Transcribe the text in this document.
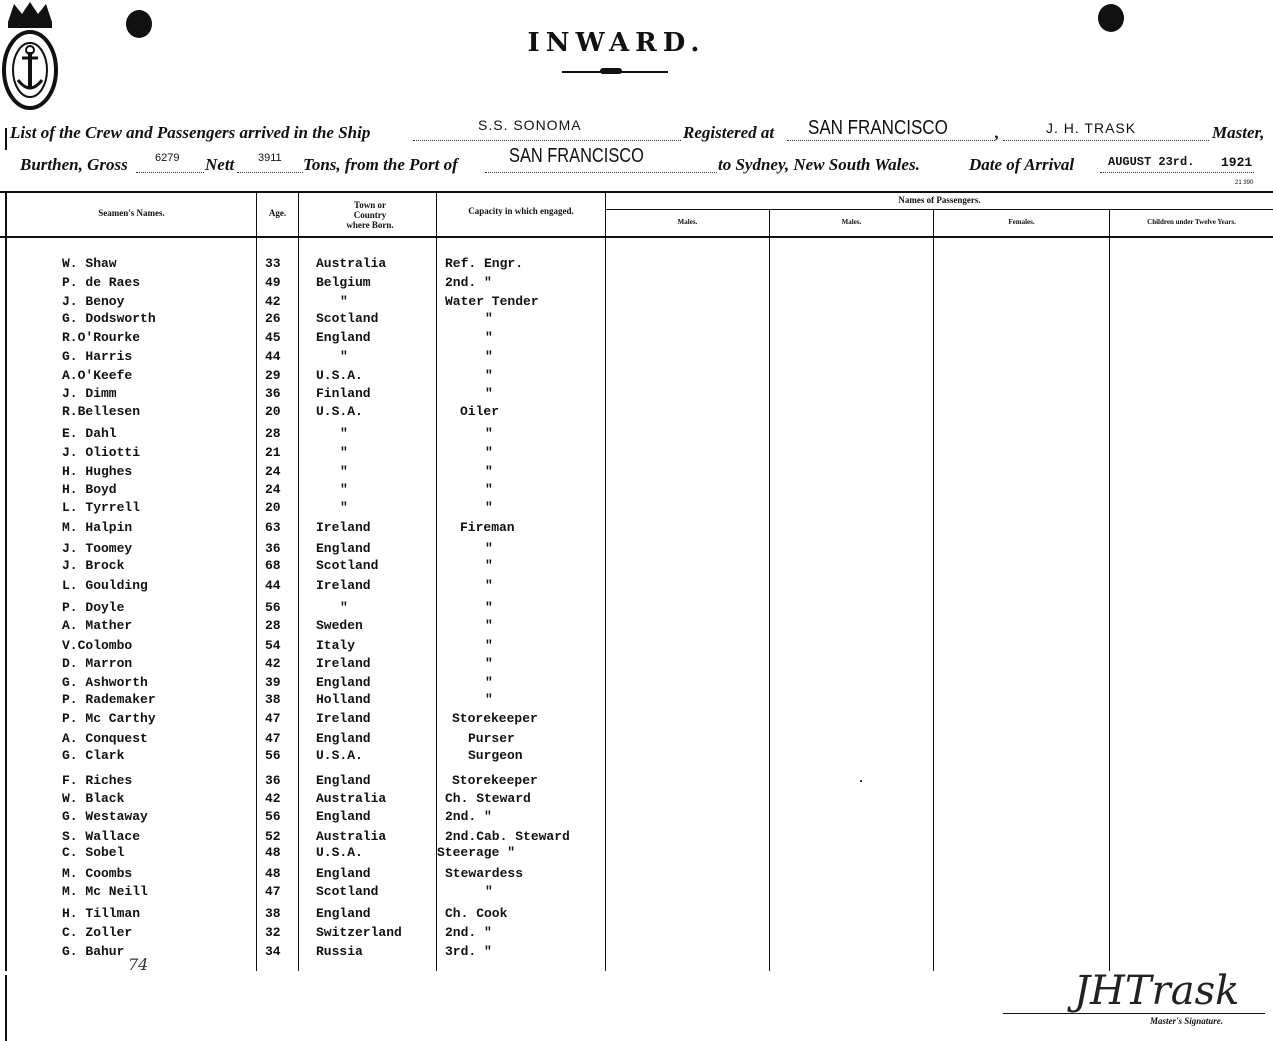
INWARD.
List of the Crew and Passengers arrived in the Ship	S.S. SONOMA	Registered at SAN FRANCISCO	,	J. H. TRASK	Master,
Burthen, Gross 6279 Nett 3911 Tons, from the Port of	SAN FRANCISCO	to Sydney, New South Wales.	Date of Arrival	AUGUST 23rd. 1921
21 390
Seamen's Names.	Age.
Town or Country where Born.
Capacity in which engaged.
Names of Passengers.
Males.	Males.	Females.	Children under Twelve Years.
W. Shaw	33	Australia	Ref. Engr.
P. de Raes	49	Belgium	2nd. "
J. Benoy	42	"	Water Tender
G. Dodsworth	26	Scotland	"
R.O'Rourke	45	England	"
G. Harris	44	"	"
A.O'Keefe	29	U.S.A.	"
J. Dimm	36	Finland	"
R.Bellesen	20	U.S.A.	Oiler
E. Dahl	28	"	"
J. Oliotti	21	"	"
H. Hughes	24	"	"
H. Boyd	24	"	"
L. Tyrrell	20	"	"
M. Halpin	63	Ireland	Fireman
J. Toomey	36	England	"
J. Brock	68	Scotland	"
L. Goulding	44	Ireland	"
P. Doyle	56	"	"
A. Mather	28	Sweden	"
V.Colombo	54	Italy	"
D. Marron	42	Ireland	"
G. Ashworth	39	England	"
P. Rademaker	38	Holland	"
P. Mc Carthy	47	Ireland	Storekeeper
A. Conquest	47	England	Purser
G. Clark	56	U.S.A.	Surgeon
F. Riches	36	England	Storekeeper
W. Black	42	Australia	Ch. Steward
G. Westaway	56	England	2nd. "
S. Wallace	52	Australia	2nd.Cab. Steward
C. Sobel	48	U.S.A.	Steerage "
M. Coombs	48	England	Stewardess
M. Mc Neill	47	Scotland	"
H. Tillman	38	England	Ch. Cook
C. Zoller	32	Switzerland	2nd. "
G. Bahur	34	Russia	3rd. "
74
JHTrask
Master's Signature.
